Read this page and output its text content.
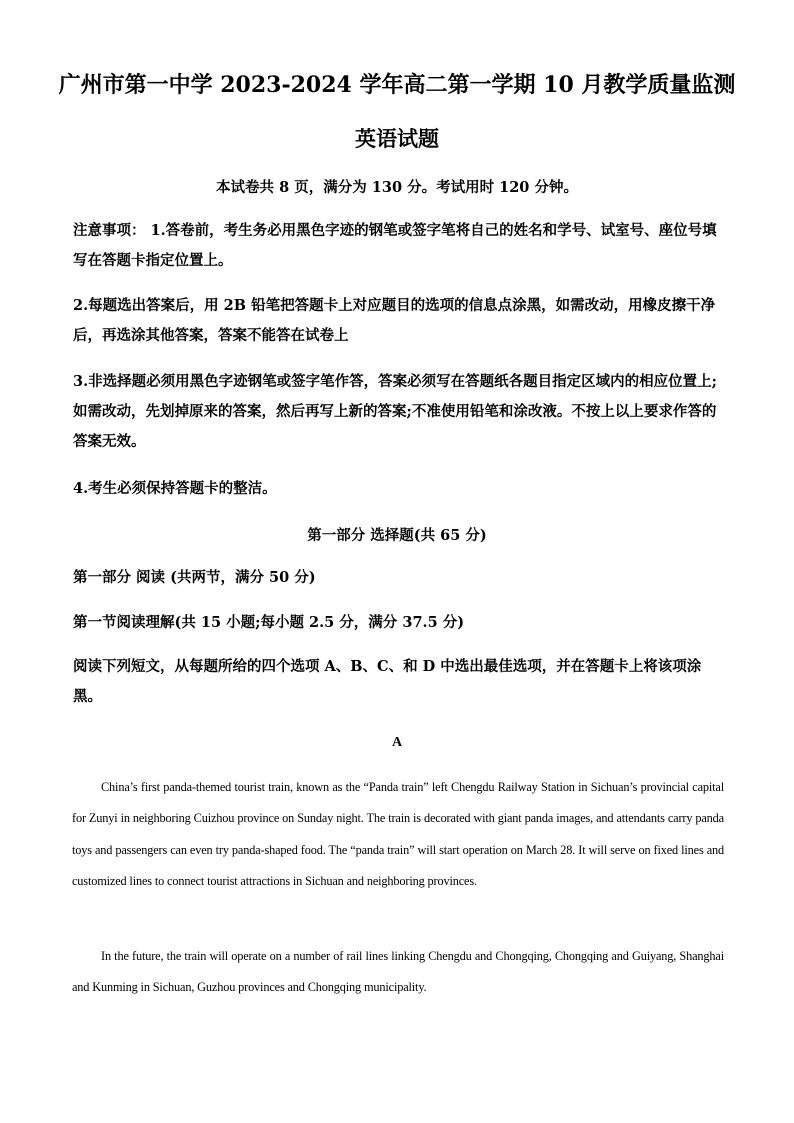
广州市第一中学 2023-2024 学年高二第一学期 10 月教学质量监测
英语试题
本试卷共 8 页，满分为 130 分。考试用时 120 分钟。
注意事项： 1.答卷前，考生务必用黑色字迹的钢笔或签字笔将自己的姓名和学号、试室号、座位号填写在答题卡指定位置上。
2.每题选出答案后，用 2B 铅笔把答题卡上对应题目的选项的信息点涂黑，如需改动，用橡皮擦干净后，再选涂其他答案，答案不能答在试卷上
3.非选择题必须用黑色字迹钢笔或签字笔作答，答案必须写在答题纸各题目指定区域内的相应位置上;如需改动，先划掉原来的答案，然后再写上新的答案;不准使用铅笔和涂改液。不按上以上要求作答的答案无效。
4.考生必须保持答题卡的整洁。
第一部分 选择题(共 65 分)
第一部分 阅读 (共两节，满分 50 分)
第一节阅读理解(共 15 小题;每小题 2.5 分，满分 37.5 分)
阅读下列短文，从每题所给的四个选项 A、B、C、和 D 中选出最佳选项，并在答题卡上将该项涂黑。
A
China’s first panda-themed tourist train, known as the “Panda train” left Chengdu Railway Station in Sichuan’s provincial capital for Zunyi in neighboring Cuizhou province on Sunday night. The train is decorated with giant panda images, and attendants carry panda toys and passengers can even try panda-shaped food. The “panda train” will start operation on March 28. It will serve on fixed lines and customized lines to connect tourist attractions in Sichuan and neighboring provinces.
In the future, the train will operate on a number of rail lines linking Chengdu and Chongqing, Chongqing and Guiyang, Shanghai and Kunming in Sichuan, Guzhou provinces and Chongqing municipality.
